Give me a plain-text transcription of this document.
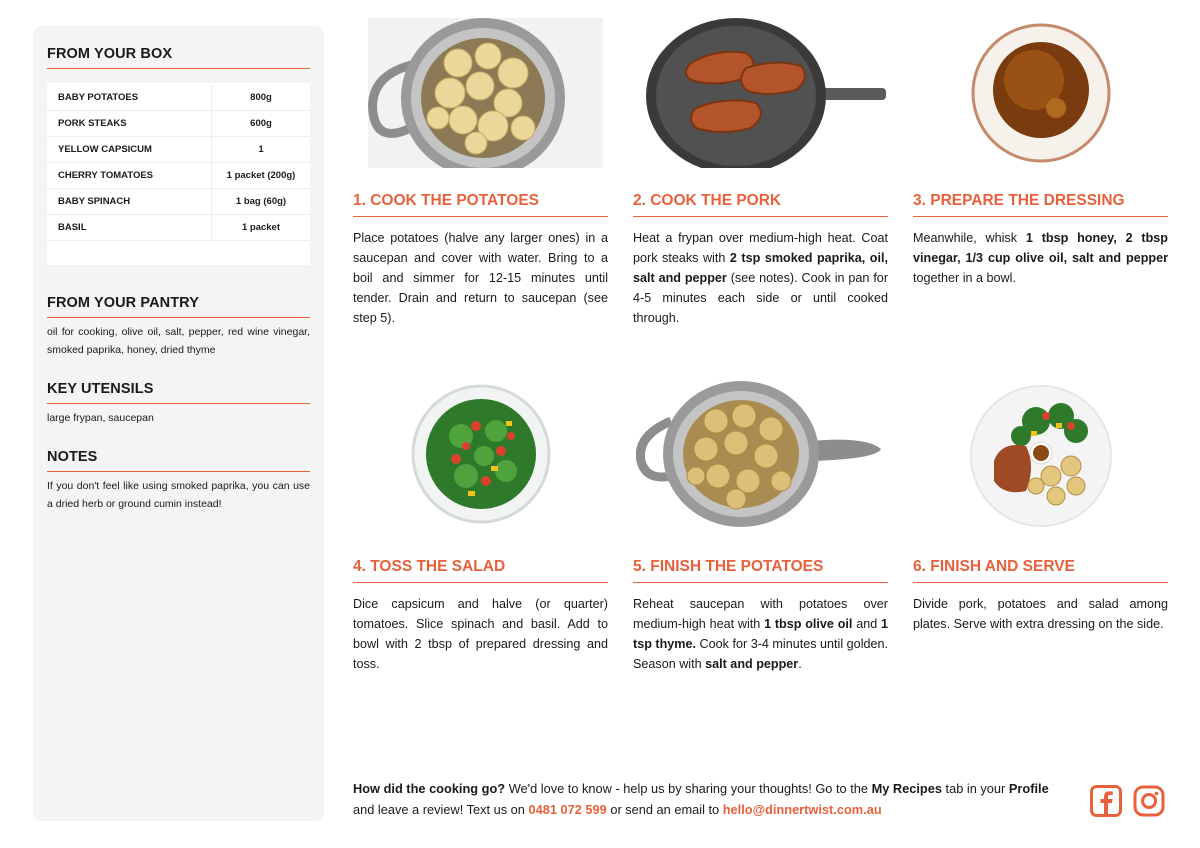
FROM YOUR BOX
BABY POTATOES	800g
PORK STEAKS	600g
YELLOW CAPSICUM	1
CHERRY TOMATOES	1 packet (200g)
BABY SPINACH	1 bag (60g)
BASIL	1 packet
FROM YOUR PANTRY
oil for cooking, olive oil, salt, pepper, red wine vinegar, smoked paprika, honey, dried thyme
KEY UTENSILS
large frypan, saucepan
NOTES
If you don't feel like using smoked paprika, you can use a dried herb or ground cumin instead!
1. COOK THE POTATOES
Place potatoes (halve any larger ones) in a saucepan and cover with water. Bring to a boil and simmer for 12-15 minutes until tender. Drain and return to saucepan (see step 5).
2. COOK THE PORK
Heat a frypan over medium-high heat. Coat pork steaks with 2 tsp smoked paprika, oil, salt and pepper (see notes). Cook in pan for 4-5 minutes each side or until cooked through.
3. PREPARE THE DRESSING
Meanwhile, whisk 1 tbsp honey, 2 tbsp vinegar, 1/3 cup olive oil, salt and pepper together in a bowl.
4. TOSS THE SALAD
Dice capsicum and halve (or quarter) tomatoes. Slice spinach and basil. Add to bowl with 2 tbsp of prepared dressing and toss.
5. FINISH THE POTATOES
Reheat saucepan with potatoes over medium-high heat with 1 tbsp olive oil and 1 tsp thyme. Cook for 3-4 minutes until golden. Season with salt and pepper.
6. FINISH AND SERVE
Divide pork, potatoes and salad among plates. Serve with extra dressing on the side.
How did the cooking go? We'd love to know - help us by sharing your thoughts! Go to the My Recipes tab in your Profile and leave a review! Text us on 0481 072 599 or send an email to hello@dinnertwist.com.au
